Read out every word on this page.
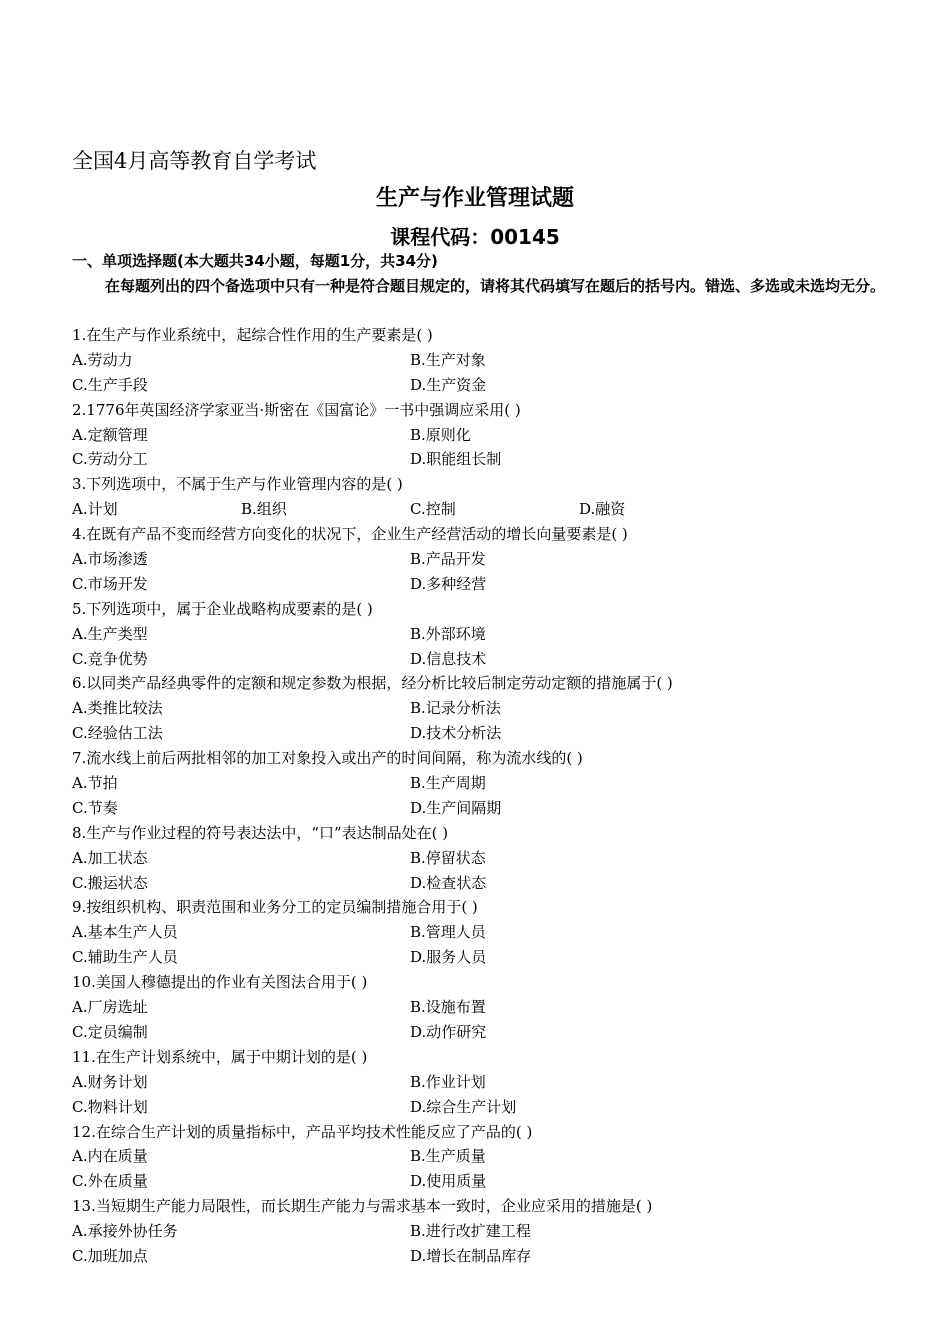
全国4月高等教育自学考试
生产与作业管理试题
课程代码：00145
一、单项选择题(本大题共34小题，每题1分，共34分)
在每题列出的四个备选项中只有一种是符合题目规定的，请将其代码填写在题后的括号内。错选、多选或未选均无分。
1.在生产与作业系统中，起综合性作用的生产要素是( )
A.劳动力	B.生产对象
C.生产手段	D.生产资金
2.1776年英国经济学家亚当·斯密在《国富论》一书中强调应采用( )
A.定额管理	B.原则化
C.劳动分工	D.职能组长制
3.下列选项中，不属于生产与作业管理内容的是( )
A.计划	B.组织	C.控制	D.融资
4.在既有产品不变而经营方向变化的状况下，企业生产经营活动的增长向量要素是( )
A.市场渗透	B.产品开发
C.市场开发	D.多种经营
5.下列选项中，属于企业战略构成要素的是( )
A.生产类型	B.外部环境
C.竞争优势	D.信息技术
6.以同类产品经典零件的定额和规定参数为根据，经分析比较后制定劳动定额的措施属于( )
A.类推比较法	B.记录分析法
C.经验估工法	D.技术分析法
7.流水线上前后两批相邻的加工对象投入或出产的时间间隔，称为流水线的( )
A.节拍	B.生产周期
C.节奏	D.生产间隔期
8.生产与作业过程的符号表达法中，“口”表达制品处在( )
A.加工状态	B.停留状态
C.搬运状态	D.检查状态
9.按组织机构、职责范围和业务分工的定员编制措施合用于( )
A.基本生产人员	B.管理人员
C.辅助生产人员	D.服务人员
10.美国人穆德提出的作业有关图法合用于( )
A.厂房选址	B.设施布置
C.定员编制	D.动作研究
11.在生产计划系统中，属于中期计划的是( )
A.财务计划	B.作业计划
C.物料计划	D.综合生产计划
12.在综合生产计划的质量指标中，产品平均技术性能反应了产品的( )
A.内在质量	B.生产质量
C.外在质量	D.使用质量
13.当短期生产能力局限性，而长期生产能力与需求基本一致时，企业应采用的措施是( )
A.承接外协任务	B.进行改扩建工程
C.加班加点	D.增长在制品库存
